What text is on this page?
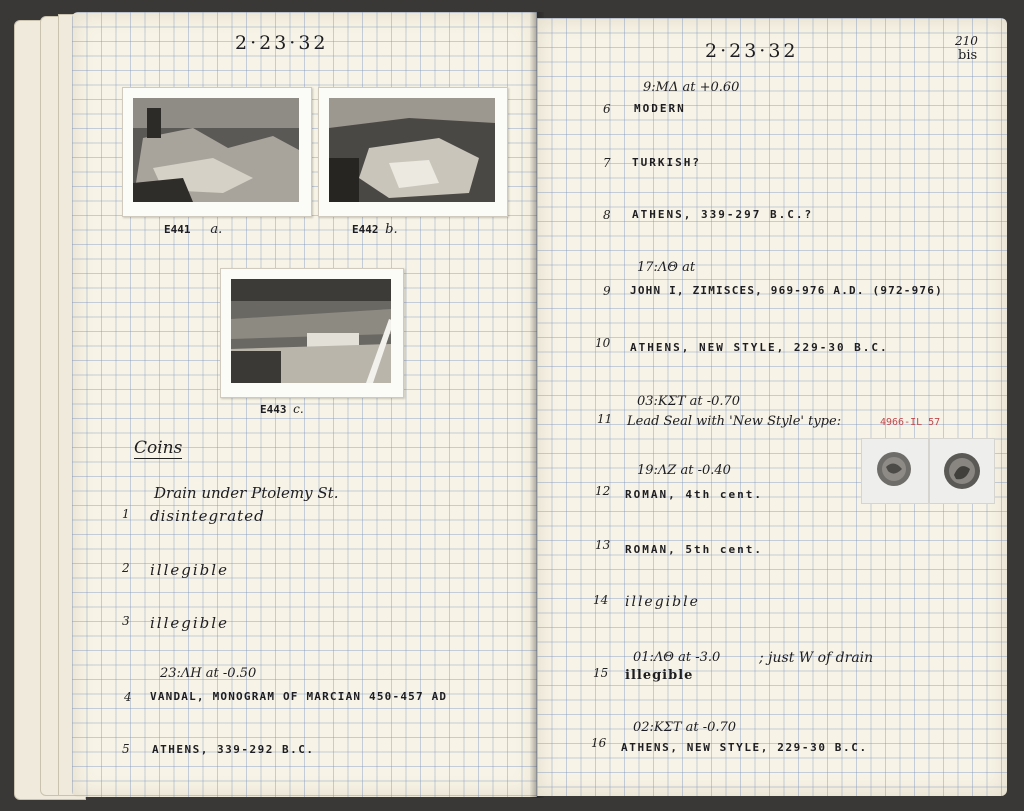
2·23·32
E441 a.	E442 b.
E443 c.
Coins
Drain under Ptolemy St.
1 disintegrated
2 illegible
3 illegible
23:ΛH at -0.50
4 VANDAL, MONOGRAM OF MARCIAN 450-457 AD
5 ATHENS, 339-292 B.C.
2·23·32	210
bis
9:MΔ at +0.60
6 MODERN
7 TURKISH?
8 ATHENS, 339-297 B.C.?
17:ΛΘ at
9 JOHN I, ZIMISCES, 969-976 A.D. (972-976)
10 ATHENS, NEW STYLE, 229-30 B.C.
03:KΣT at -0.70
11 Lead Seal with 'New Style' type:	4966-IL 57
19:ΛZ at -0.40
12 ROMAN, 4th cent.
13 ROMAN, 5th cent.
14 illegible
01:ΛΘ at -3.0	; just W of drain
15 illegible
02:KΣT at -0.70
16 ATHENS, NEW STYLE, 229-30 B.C.
